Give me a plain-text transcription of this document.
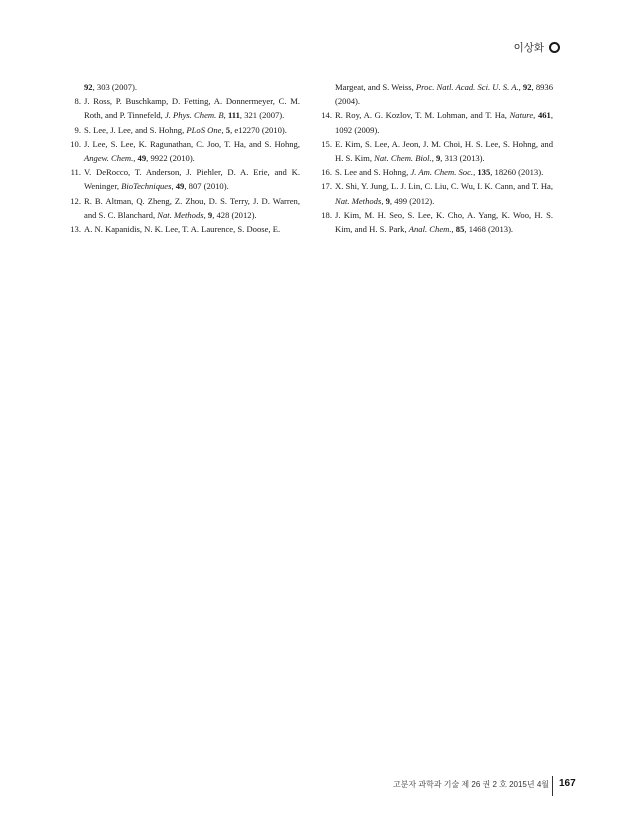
이상화

92, 303 (2007).

8. J. Ross, P. Buschkamp, D. Fetting, A. Donnermeyer, C. M. Roth, and P. Tinnefeld, J. Phys. Chem. B, 111, 321 (2007).

9. S. Lee, J. Lee, and S. Hohng, PLoS One, 5, e12270 (2010).

10. J. Lee, S. Lee, K. Ragunathan, C. Joo, T. Ha, and S. Hohng, Angew. Chem., 49, 9922 (2010).

11. V. DeRocco, T. Anderson, J. Piehler, D. A. Erie, and K. Weninger, BioTechniques, 49, 807 (2010).

12. R. B. Altman, Q. Zheng, Z. Zhou, D. S. Terry, J. D. Warren, and S. C. Blanchard, Nat. Methods, 9, 428 (2012).

13. A. N. Kapanidis, N. K. Lee, T. A. Laurence, S. Doose, E.

Margeat, and S. Weiss, Proc. Natl. Acad. Sci. U. S. A., 92, 8936 (2004).

14. R. Roy, A. G. Kozlov, T. M. Lohman, and T. Ha, Nature, 461, 1092 (2009).

15. E. Kim, S. Lee, A. Jeon, J. M. Choi, H. S. Lee, S. Hohng, and H. S. Kim, Nat. Chem. Biol., 9, 313 (2013).

16. S. Lee and S. Hohng, J. Am. Chem. Soc., 135, 18260 (2013).

17. X. Shi, Y. Jung, L. J. Lin, C. Liu, C. Wu, I. K. Cann, and T. Ha, Nat. Methods, 9, 499 (2012).

18. J. Kim, M. H. Seo, S. Lee, K. Cho, A. Yang, K. Woo, H. S. Kim, and H. S. Park, Anal. Chem., 85, 1468 (2013).

고분자 과학과 기술 제 26 권 2 호 2015년 4월 167
